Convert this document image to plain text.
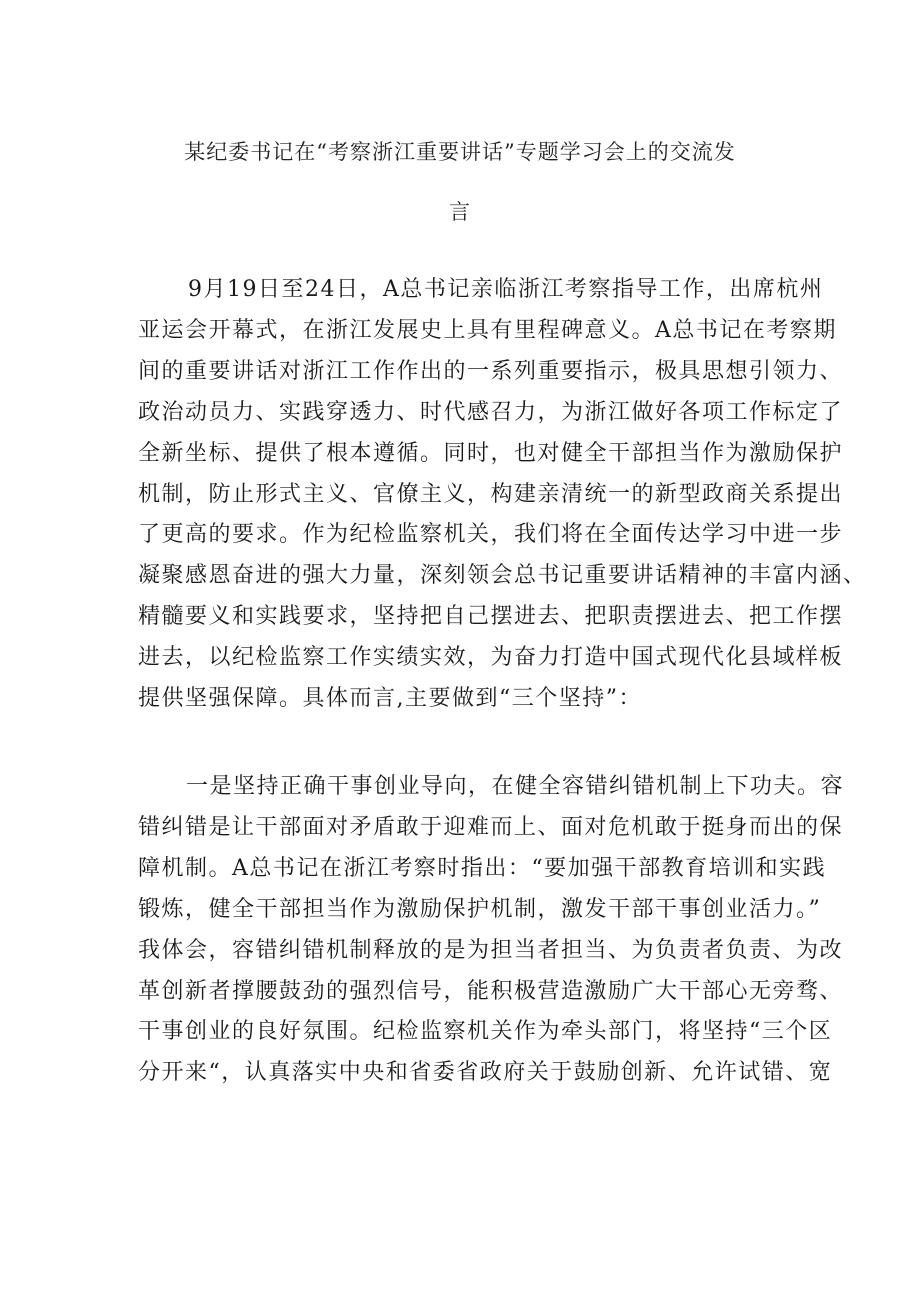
某纪委书记在“考察浙江重要讲话”专题学习会上的交流发
言
9月19日至24日，A总书记亲临浙江考察指导工作，出席杭州
亚运会开幕式，在浙江发展史上具有里程碑意义。A总书记在考察期
间的重要讲话对浙江工作作出的一系列重要指示，极具思想引领力、
政治动员力、实践穿透力、时代感召力，为浙江做好各项工作标定了
全新坐标、提供了根本遵循。同时，也对健全干部担当作为激励保护
机制，防止形式主义、官僚主义，构建亲清统一的新型政商关系提出
了更高的要求。作为纪检监察机关，我们将在全面传达学习中进一步
凝聚感恩奋进的强大力量，深刻领会总书记重要讲话精神的丰富内涵、
精髓要义和实践要求，坚持把自己摆进去、把职责摆进去、把工作摆
进去，以纪检监察工作实绩实效，为奋力打造中国式现代化县域样板
提供坚强保障。具体而言,主要做到“三个坚持”：
一是坚持正确干事创业导向，在健全容错纠错机制上下功夫。容
错纠错是让干部面对矛盾敢于迎难而上、面对危机敢于挺身而出的保
障机制。A总书记在浙江考察时指出：“要加强干部教育培训和实践
锻炼，健全干部担当作为激励保护机制，激发干部干事创业活力。”
我体会，容错纠错机制释放的是为担当者担当、为负责者负责、为改
革创新者撑腰鼓劲的强烈信号，能积极营造激励广大干部心无旁骛、
干事创业的良好氛围。纪检监察机关作为牵头部门，将坚持“三个区
分开来“，认真落实中央和省委省政府关于鼓励创新、允许试错、宽
